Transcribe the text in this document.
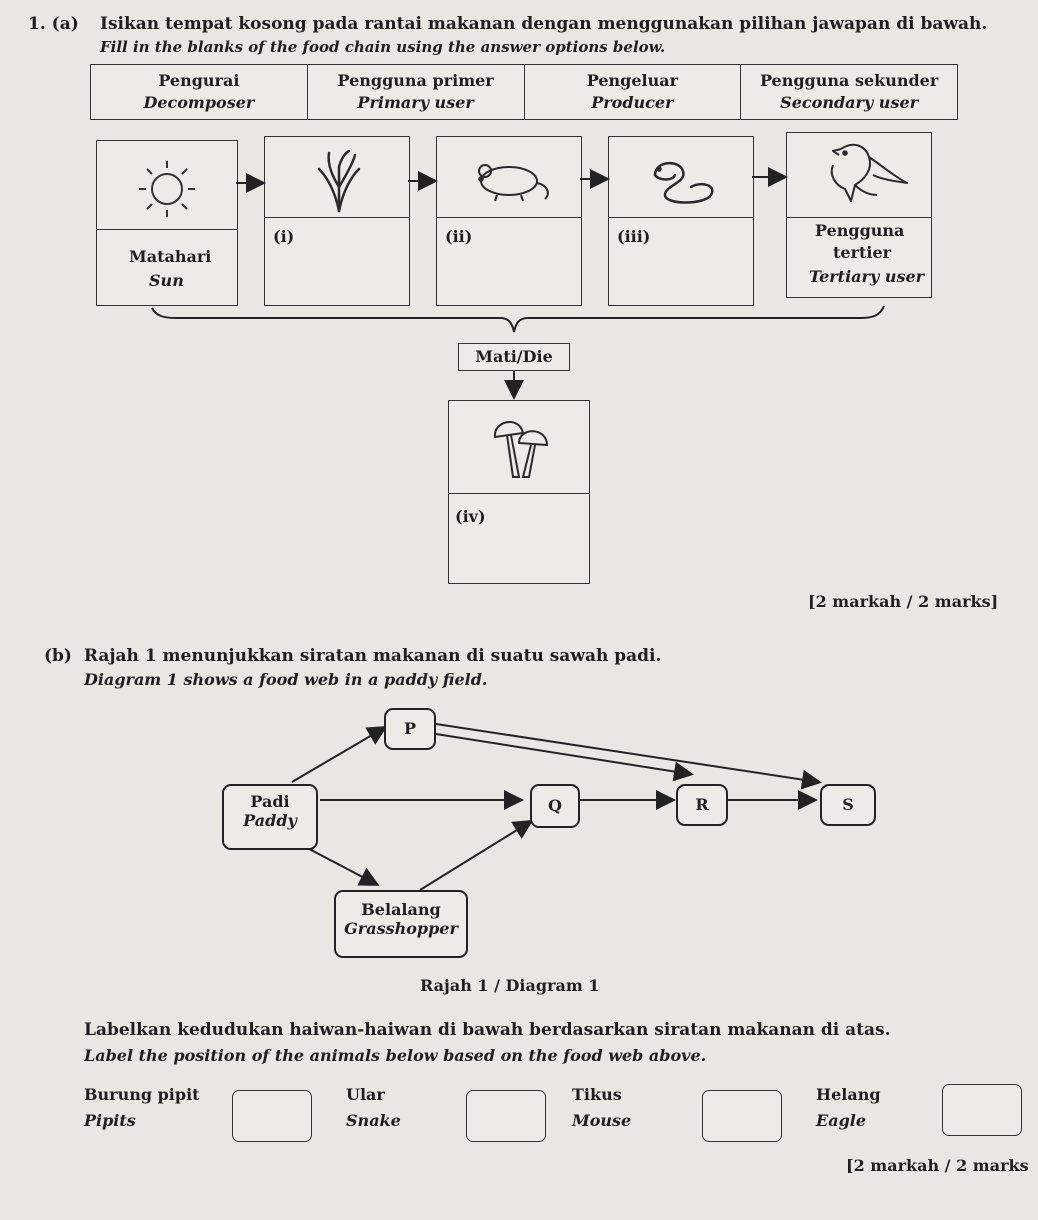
1. (a) Isikan tempat kosong pada rantai makanan dengan menggunakan pilihan jawapan di bawah.
Fill in the blanks of the food chain using the answer options below.
Pengurai
Decomposer
Pengguna primer
Primary user
Pengeluar
Producer
Pengguna sekunder
Secondary user
Matahari
Sun
(i)	(ii)	(iii)	Pengguna
tertier
Tertiary user
Mati/Die
(iv)
[2 markah / 2 marks]
(b) Rajah 1 menunjukkan siratan makanan di suatu sawah padi.
Diagram 1 shows a food web in a paddy field.
P
Padi
Paddy
Q	R	S
Belalang
Grasshopper
Rajah 1 / Diagram 1
Labelkan kedudukan haiwan-haiwan di bawah berdasarkan siratan makanan di atas.
Label the position of the animals below based on the food web above.
Burung pipit
Pipits
Ular
Snake
Tikus
Mouse
Helang
Eagle
[2 markah / 2 marks
